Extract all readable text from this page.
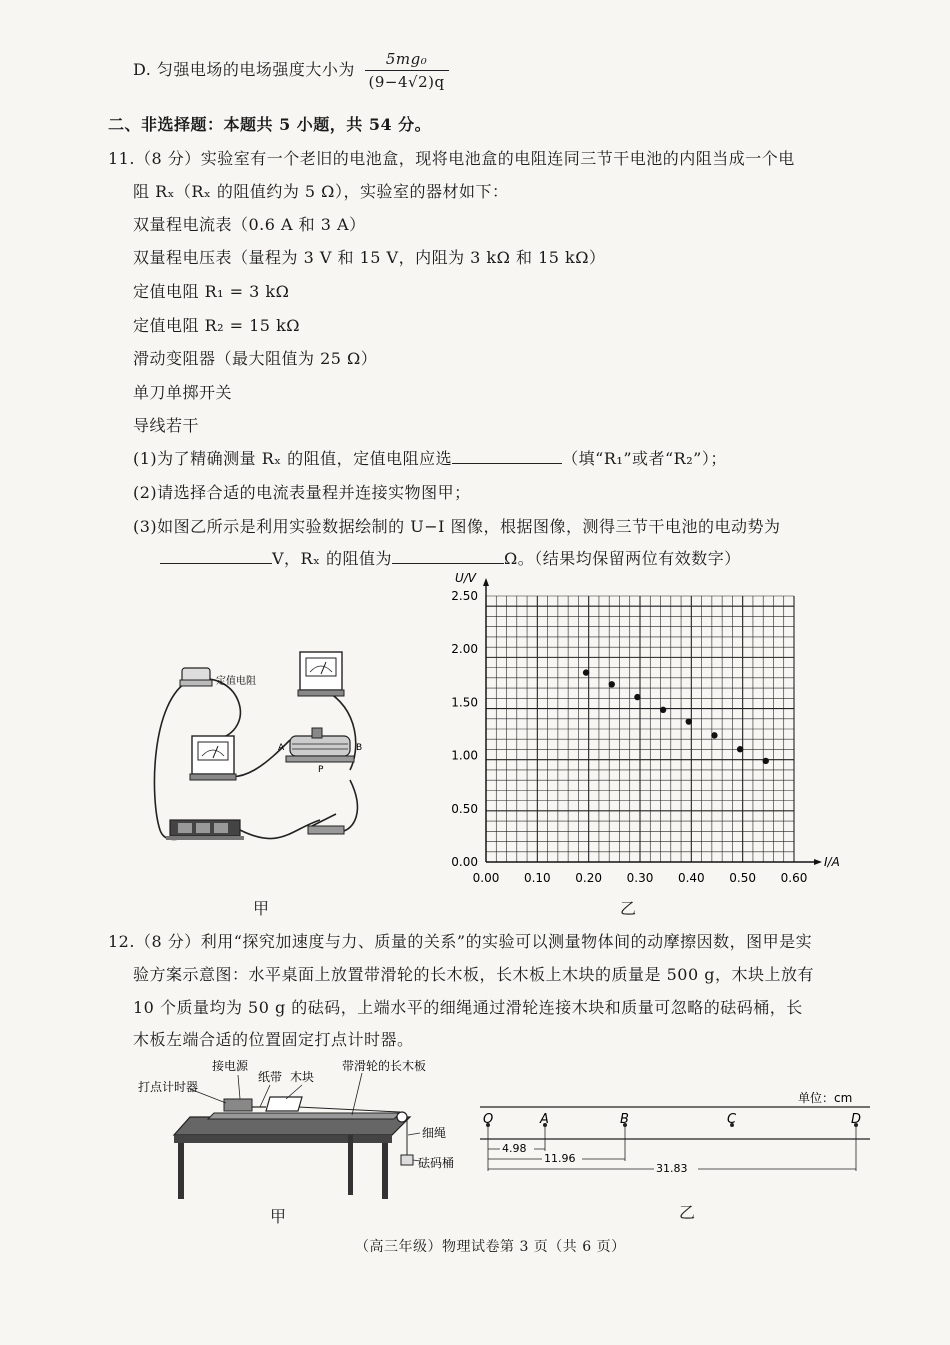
D. 匀强电场的电场强度大小为 $\frac{\text{5mg₀}}{(9-4√2)q}$
二、非选择题：本题共 5 小题，共 54 分。
11.（8 分）实验室有一个老旧的电池盒，现将电池盒的电阻连同三节干电池的内阻当成一个电
阻 Rₓ（Rₓ 的阻值约为 5 Ω），实验室的器材如下：
双量程电流表（0.6 A 和 3 A）
双量程电压表（量程为 3 V 和 15 V，内阻为 3 kΩ 和 15 kΩ）
定值电阻 R₁ = 3 kΩ
定值电阻 R₂ = 15 kΩ
滑动变阻器（最大阻值为 25 Ω）
单刀单掷开关
导线若干
(1)为了精确测量 Rₓ 的阻值，定值电阻应选	（填“R₁”或者“R₂”）；
(2)请选择合适的电流表量程并连接实物图甲；
(3)如图乙所示是利用实验数据绘制的 U−I 图像，根据图像，测得三节干电池的电动势为
V，Rₓ 的阻值为	Ω。（结果均保留两位有效数字）
定值电阻
A	B
P
甲
0.00 0.10 0.20 0.30 0.40 0.50 0.60
0.00
0.50
1.00
1.50
2.00
2.50
I/A
U/V
乙
12.（8 分）利用“探究加速度与力、质量的关系”的实验可以测量物体间的动摩擦因数，图甲是实
验方案示意图：水平桌面上放置带滑轮的长木板，长木板上木块的质量是 500 g，木块上放有
10 个质量均为 50 g 的砝码，上端水平的细绳通过滑轮连接木块和质量可忽略的砝码桶，长
木板左端合适的位置固定打点计时器。
接电源
打点计时器
纸带 木块
带滑轮的长木板
细绳
砝码桶
甲
单位：cm
O	A	B	C	D
4.98
11.96
31.83
乙
（高三年级）物理试卷第 3 页（共 6 页）
